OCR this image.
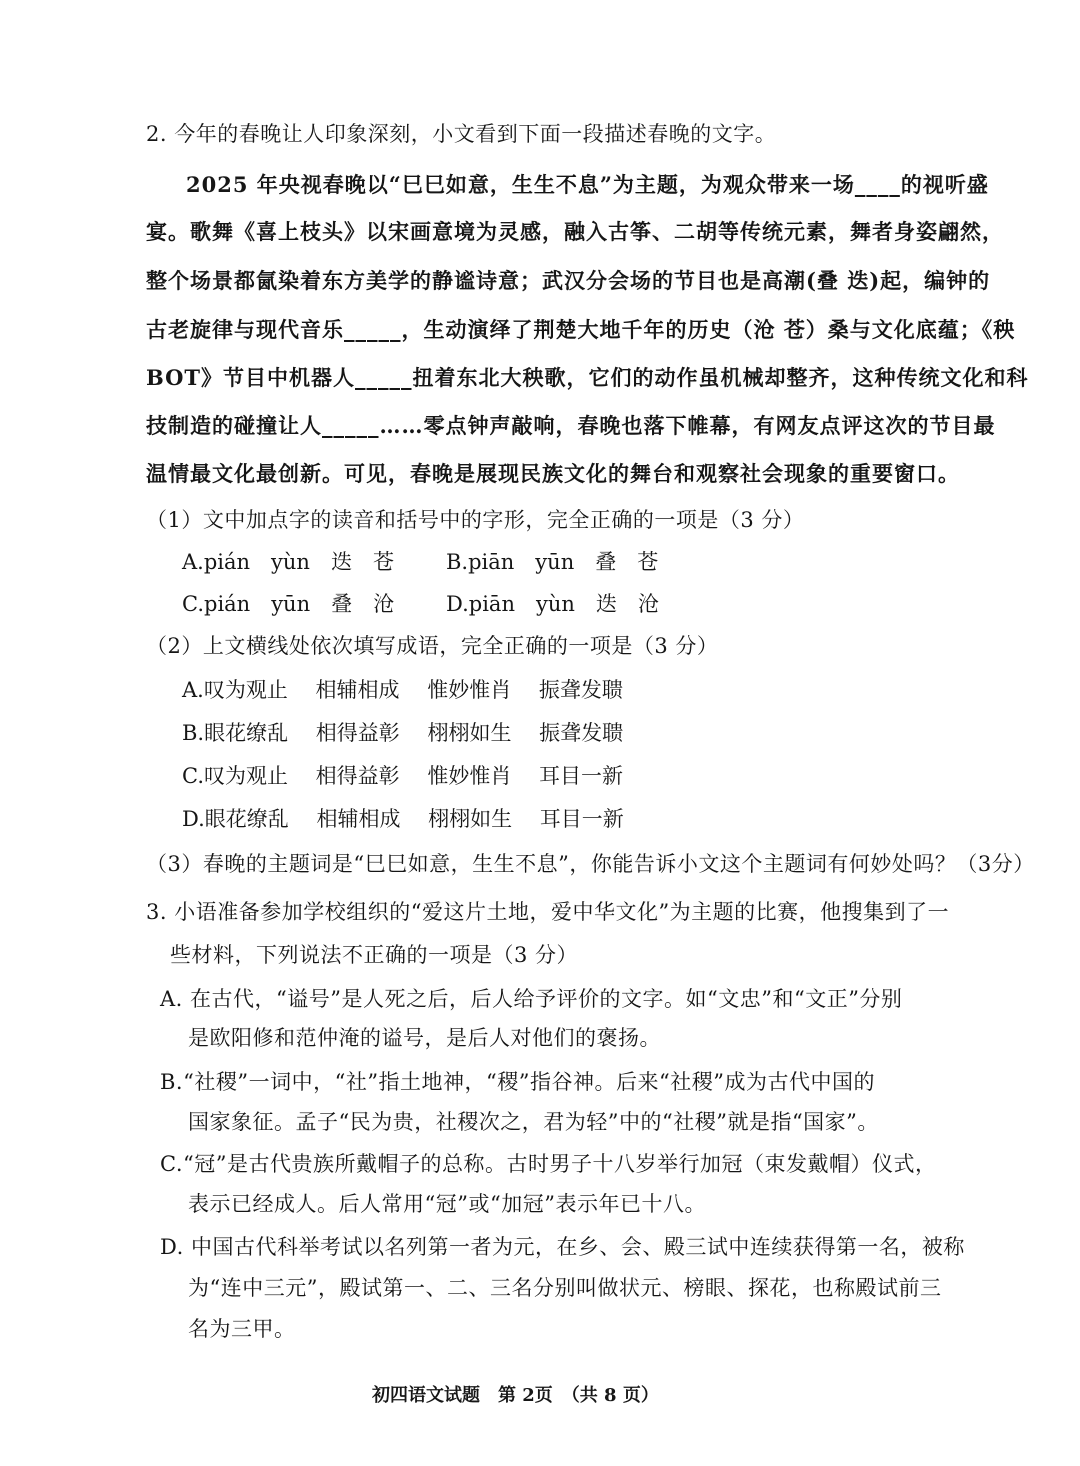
2. 今年的春晚让人印象深刻，小文看到下面一段描述春晚的文字。
2025 年央视春晚以“巳巳如意，生生不息”为主题，为观众带来一场____的视听盛
宴。歌舞《喜上枝头》以宋画意境为灵感，融入古筝、二胡等传统元素，舞者身姿翩然，
整个场景都氤染着东方美学的静谧诗意；武汉分会场的节目也是高潮(叠 迭)起，编钟的
古老旋律与现代音乐_____，生动演绎了荆楚大地千年的历史（沧 苍）桑与文化底蕴；《秧
BOT》节目中机器人_____扭着东北大秧歌，它们的动作虽机械却整齐，这种传统文化和科
技制造的碰撞让人_____……零点钟声敲响，春晚也落下帷幕，有网友点评这次的节目最
温情最文化最创新。可见，春晚是展现民族文化的舞台和观察社会现象的重要窗口。
（1）文中加点字的读音和括号中的字形，完全正确的一项是（3 分）
A.pián　yùn　迭　苍 B.piān　yūn　叠　苍
C.pián　yūn　叠　沧 D.piān　yùn　迭　沧
（2）上文横线处依次填写成语，完全正确的一项是（3 分）
A.叹为观止　 相辅相成　 惟妙惟肖　 振聋发聩
B.眼花缭乱　 相得益彰　 栩栩如生　 振聋发聩
C.叹为观止　 相得益彰　 惟妙惟肖　 耳目一新
D.眼花缭乱　 相辅相成　 栩栩如生　 耳目一新
（3）春晚的主题词是“巳巳如意，生生不息”，你能告诉小文这个主题词有何妙处吗？（3分）
3. 小语准备参加学校组织的“爱这片土地，爱中华文化”为主题的比赛，他搜集到了一
些材料，下列说法不正确的一项是（3 分）
A. 在古代，“谥号”是人死之后，后人给予评价的文字。如“文忠”和“文正”分别
是欧阳修和范仲淹的谥号，是后人对他们的褒扬。
B.“社稷”一词中，“社”指土地神，“稷”指谷神。后来“社稷”成为古代中国的
国家象征。孟子“民为贵，社稷次之，君为轻”中的“社稷”就是指“国家”。
C.“冠”是古代贵族所戴帽子的总称。古时男子十八岁举行加冠（束发戴帽）仪式，
表示已经成人。后人常用“冠”或“加冠”表示年已十八。
D. 中国古代科举考试以名列第一者为元，在乡、会、殿三试中连续获得第一名，被称
为“连中三元”，殿试第一、二、三名分别叫做状元、榜眼、探花，也称殿试前三
名为三甲。
初四语文试题　第 2页　（共 8 页）
